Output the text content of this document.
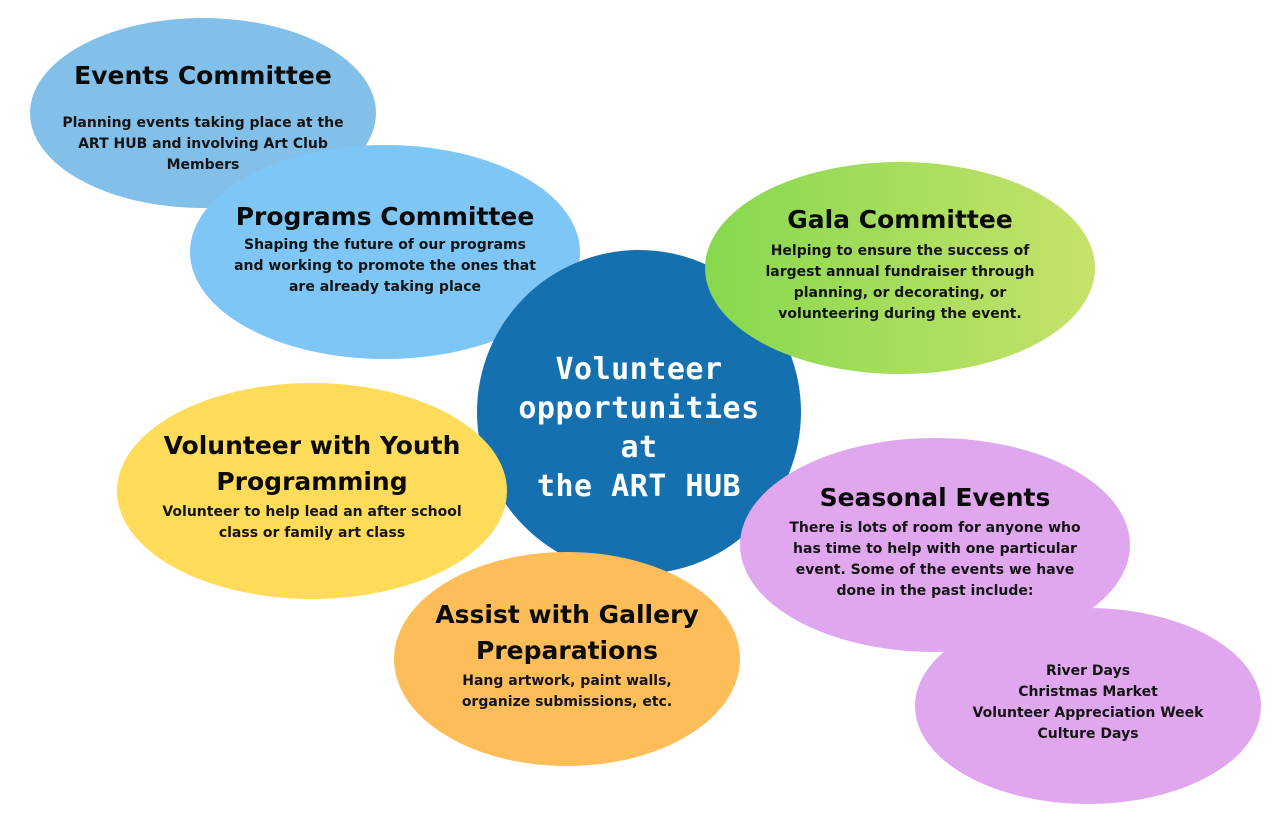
Events Committee
Planning events taking place at the ART HUB and involving Art Club Members
Programs Committee
Shaping the future of our programs and working to promote the ones that are already taking place
Volunteer
opportunities at
the ART HUB
Gala Committee
Helping to ensure the success of largest annual fundraiser through planning, or decorating, or volunteering during the event.
Volunteer with Youth
Programming
Volunteer to help lead an after school class or family art class
Seasonal Events
There is lots of room for anyone who has time to help with one particular event. Some of the events we have done in the past include:
River Days
Christmas Market
Volunteer Appreciation Week
Culture Days
Assist with Gallery
Preparations
Hang artwork, paint walls,
organize submissions, etc.
